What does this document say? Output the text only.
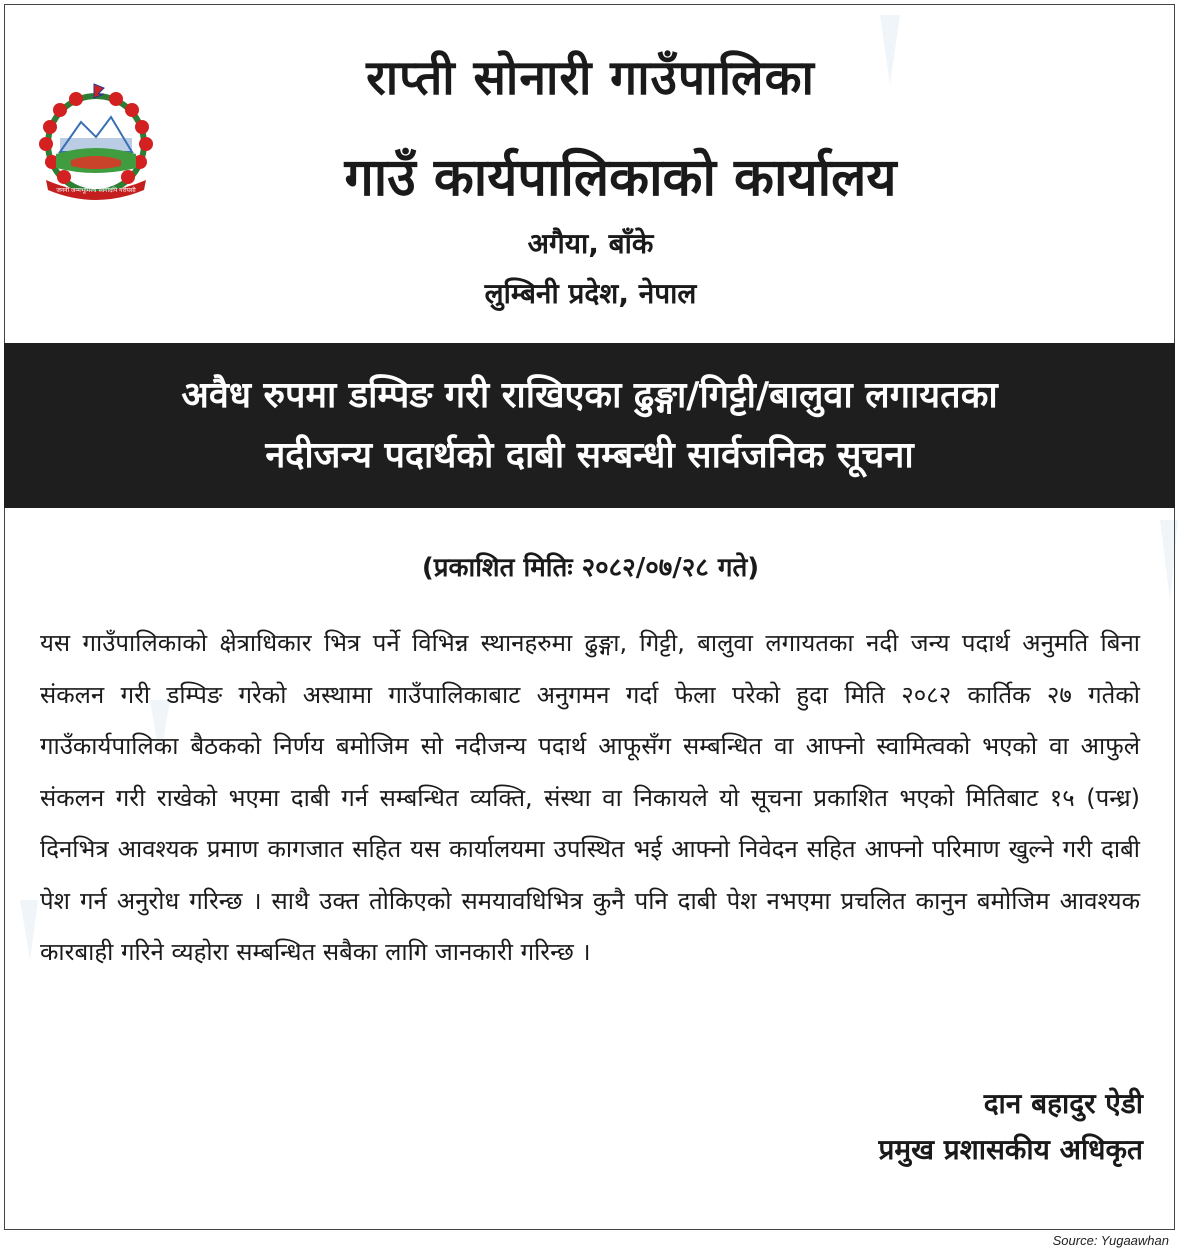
जननी जन्मभूमिश्च स्वर्गादपि गरीयसी
राप्ती सोनारी गाउँपालिका
गाउँ कार्यपालिकाको कार्यालय
अगैया, बाँके
लुम्बिनी प्रदेश, नेपाल
अवैध रुपमा डम्पिङ गरी राखिएका ढुङ्गा/गिट्टी/बालुवा लगायतका
नदीजन्य पदार्थको दाबी सम्बन्धी सार्वजनिक सूचना
(प्रकाशित मितिः २०८२/०७/२८ गते)
यस गाउँपालिकाको क्षेत्राधिकार भित्र पर्ने विभिन्न स्थानहरुमा ढुङ्गा, गिट्टी, बालुवा लगायतका नदी जन्य पदार्थ अनुमति बिना संकलन गरी डम्पिङ गरेको अस्थामा गाउँपालिकाबाट अनुगमन गर्दा फेला परेको हुदा मिति २०८२ कार्तिक २७ गतेको गाउँकार्यपालिका बैठकको निर्णय बमोजिम सो नदीजन्य पदार्थ आफूसँग सम्बन्धित वा आफ्नो स्वामित्वको भएको वा आफुले संकलन गरी राखेको भएमा दाबी गर्न सम्बन्धित व्यक्ति, संस्था वा निकायले यो सूचना प्रकाशित भएको मितिबाट १५ (पन्ध्र) दिनभित्र आवश्यक प्रमाण कागजात सहित यस कार्यालयमा उपस्थित भई आफ्नो निवेदन सहित आफ्नो परिमाण खुल्ने गरी दाबी पेश गर्न अनुरोध गरिन्छ । साथै उक्त तोकिएको समयावधिभित्र कुनै पनि दाबी पेश नभएमा प्रचलित कानुन बमोजिम आवश्यक कारबाही गरिने व्यहोरा सम्बन्धित सबैका लागि जानकारी गरिन्छ ।
दान बहादुर ऐडी
प्रमुख प्रशासकीय अधिकृत
Source: Yugaawhan
